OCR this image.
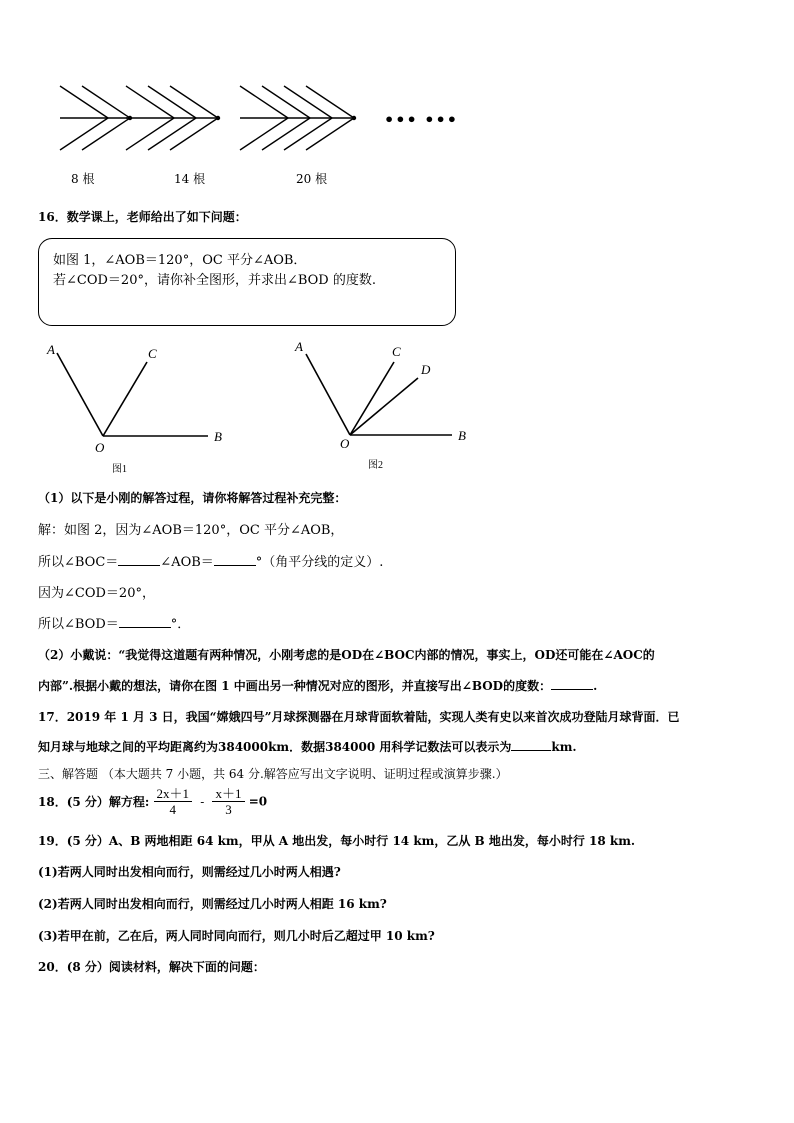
••• •••
8 根	14 根	20 根
16．数学课上，老师给出了如下问题：
如图 1，∠AOB＝120°，OC 平分∠AOB．
若∠COD＝20°，请你补全图形，并求出∠BOD 的度数.
A	C
O
B
图1
A	C
D
O
B
图2
（1）以下是小刚的解答过程，请你将解答过程补充完整：
解：如图 2，因为∠AOB＝120°，OC 平分∠AOB，
所以∠BOC＝	∠AOB＝	°（角平分线的定义）.
因为∠COD＝20°，
所以∠BOD＝	°．
（2）小戴说：“我觉得这道题有两种情况，小刚考虑的是OD在∠BOC内部的情况，事实上，OD还可能在∠AOC的
内部”.根据小戴的想法，请你在图 1 中画出另一种情况对应的图形，并直接写出∠BOD的度数：	.
17．2019 年 1 月 3 日，我国“嫦娥四号”月球探测器在月球背面软着陆，实现人类有史以来首次成功登陆月球背面．已
知月球与地球之间的平均距离约为384000km．数据384000 用科学记数法可以表示为	km.
三、解答题 （本大题共 7 小题，共 64 分.解答应写出文字说明、证明过程或演算步骤.）
18．(5 分）解方程: $\frac{2x+1}{4} - \frac{x+1}{3} =0$
19．(5 分）A、B 两地相距 64 km，甲从 A 地出发，每小时行 14 km，乙从 B 地出发，每小时行 18 km.
(1)若两人同时出发相向而行，则需经过几小时两人相遇?
(2)若两人同时出发相向而行，则需经过几小时两人相距 16 km?
(3)若甲在前，乙在后，两人同时同向而行，则几小时后乙超过甲 10 km?
20．(8 分）阅读材料，解决下面的问题：
